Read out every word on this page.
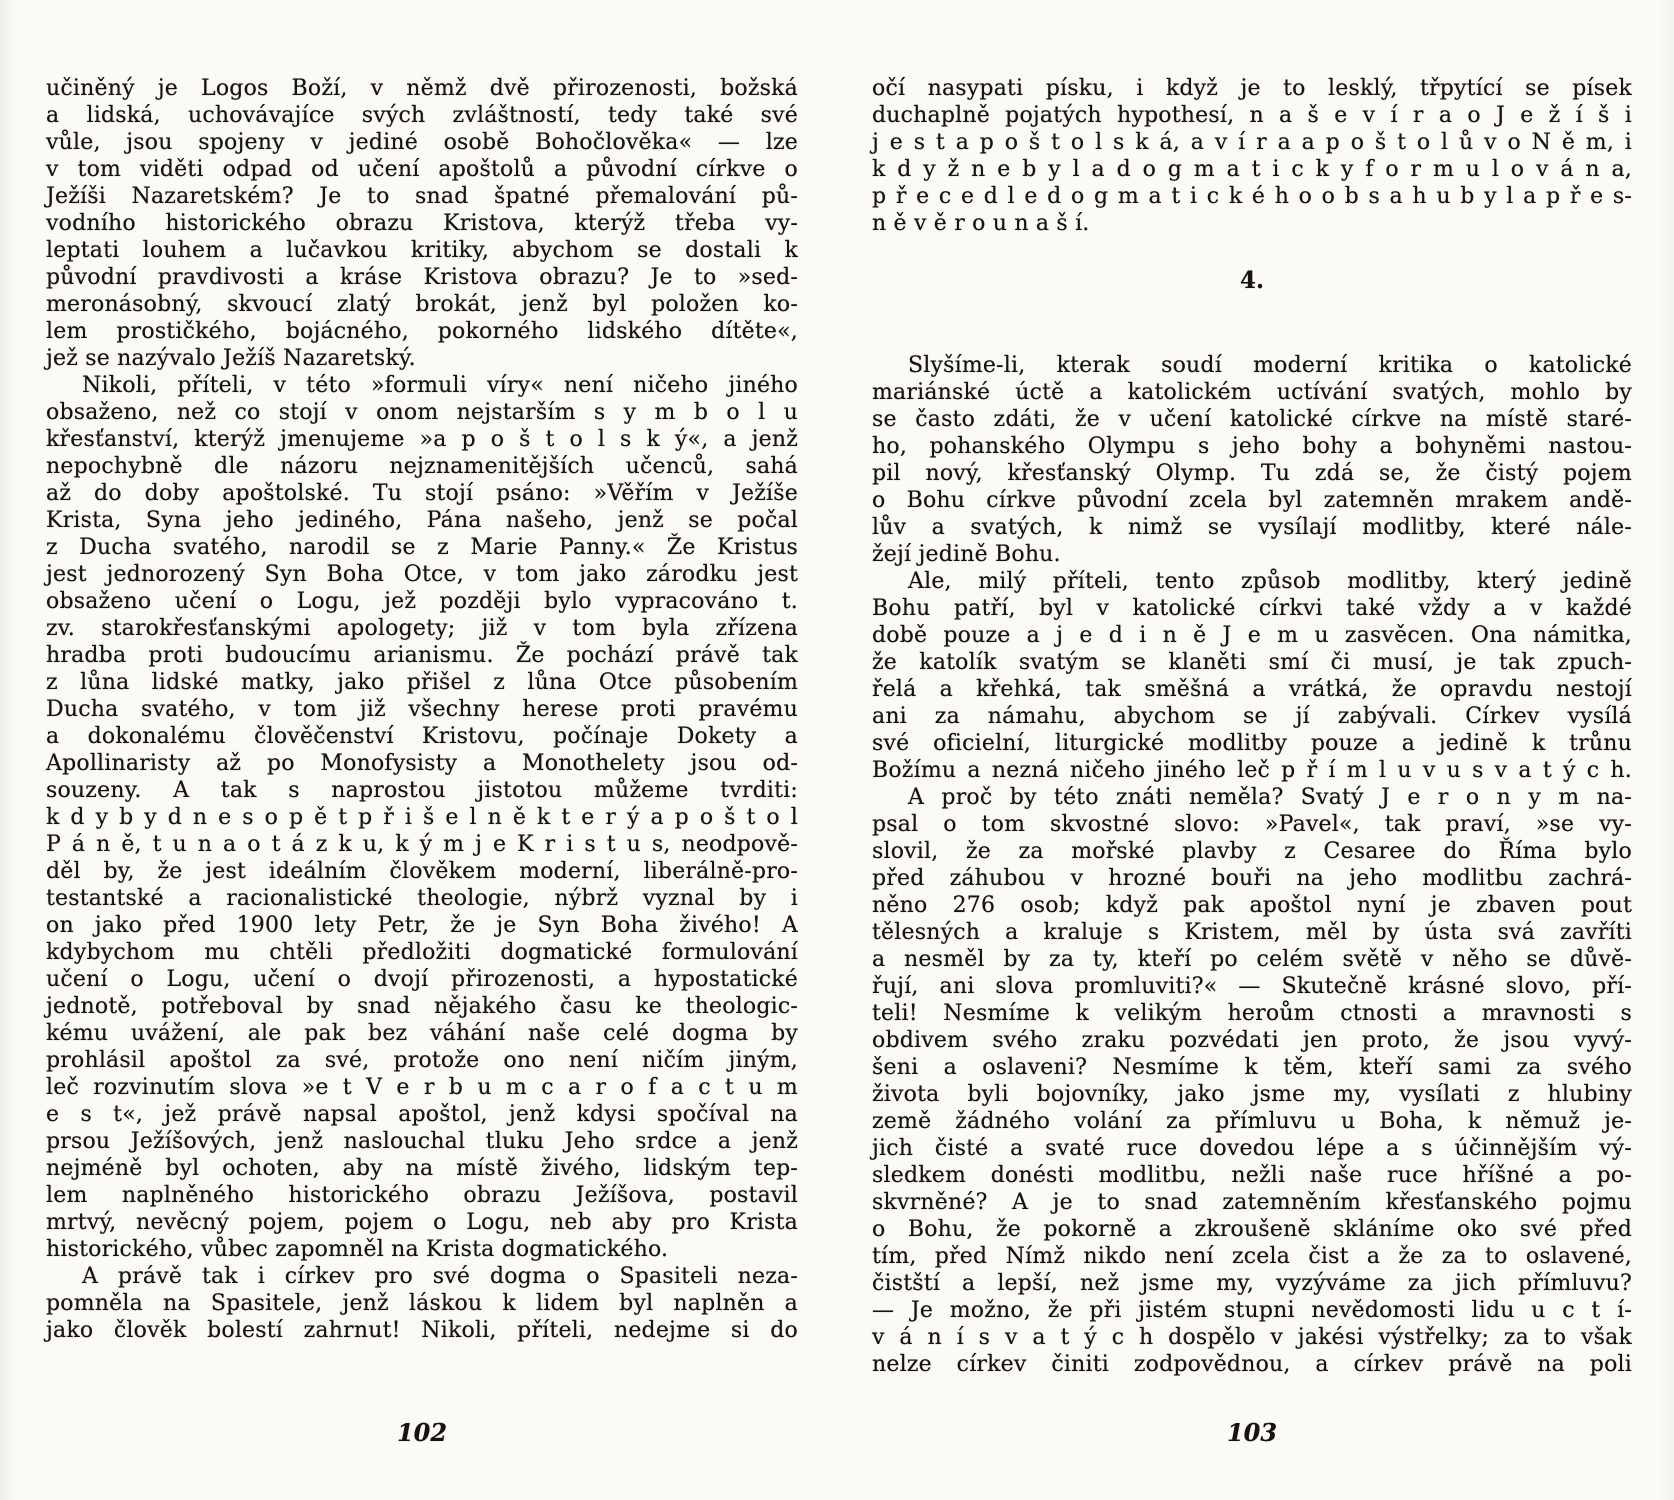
učiněný je Logos Boží, v němž dvě přirozenosti, božská
a lidská, uchovávajíce svých zvláštností, tedy také své
vůle, jsou spojeny v jediné osobě Bohočlověka« — lze
v tom viděti odpad od učení apoštolů a původní církve o
Ježíši Nazaretském? Je to snad špatné přemalování pů-
vodního historického obrazu Kristova, kterýž třeba vy-
leptati louhem a lučavkou kritiky, abychom se dostali k
původní pravdivosti a kráse Kristova obrazu? Je to »sed-
meronásobný, skvoucí zlatý brokát, jenž byl položen ko-
lem prostičkého, bojácného, pokorného lidského dítěte«,
jež se nazývalo Ježíš Nazaretský.
Nikoli, příteli, v této »formuli víry« není ničeho jiného
obsaženo, než co stojí v onom nejstarším s y m b o l u
křesťanství, kterýž jmenujeme »a p o š t o l s k ý«, a jenž
nepochybně dle názoru nejznamenitějších učenců, sahá
až do doby apoštolské. Tu stojí psáno: »Věřím v Ježíše
Krista, Syna jeho jediného, Pána našeho, jenž se počal
z Ducha svatého, narodil se z Marie Panny.« Že Kristus
jest jednorozený Syn Boha Otce, v tom jako zárodku jest
obsaženo učení o Logu, jež později bylo vypracováno t.
zv. starokřesťanskými apologety; již v tom byla zřízena
hradba proti budoucímu arianismu. Že pochází právě tak
z lůna lidské matky, jako přišel z lůna Otce působením
Ducha svatého, v tom již všechny herese proti pravému
a dokonalému člověčenství Kristovu, počínaje Dokety a
Apollinaristy až po Monofysisty a Monothelety jsou od-
souzeny. A tak s naprostou jistotou můžeme tvrditi:
k d y b y d n e s o p ě t p ř i š e l n ě k t e r ý a p o š t o l
P á n ě, t u n a o t á z k u, k ý m j e K r i s t u s, neodpově-
děl by, že jest ideálním člověkem moderní, liberálně-pro-
testantské a racionalistické theologie, nýbrž vyznal by i
on jako před 1900 lety Petr, že je Syn Boha živého! A
kdybychom mu chtěli předložiti dogmatické formulování
učení o Logu, učení o dvojí přirozenosti, a hypostatické
jednotě, potřeboval by snad nějakého času ke theologic-
kému uvážení, ale pak bez váhání naše celé dogma by
prohlásil apoštol za své, protože ono není ničím jiným,
leč rozvinutím slova »e t V e r b u m c a r o f a c t u m
e s t«, jež právě napsal apoštol, jenž kdysi spočíval na
prsou Ježíšových, jenž naslouchal tluku Jeho srdce a jenž
nejméně byl ochoten, aby na místě živého, lidským tep-
lem naplněného historického obrazu Ježíšova, postavil
mrtvý, nevěcný pojem, pojem o Logu, neb aby pro Krista
historického, vůbec zapomněl na Krista dogmatického.
A právě tak i církev pro své dogma o Spasiteli neza-
pomněla na Spasitele, jenž láskou k lidem byl naplněn a
jako člověk bolestí zahrnut! Nikoli, příteli, nedejme si do
očí nasypati písku, i když je to lesklý, třpytící se písek
duchaplně pojatých hypothesí, n a š e v í r a o J e ž í š i
j e s t a p o š t o l s k á, a v í r a a p o š t o l ů v o N ě m, i
k d y ž n e b y l a d o g m a t i c k y f o r m u l o v á n a,
p ř e c e d l e d o g m a t i c k é h o o b s a h u b y l a p ř e s-
n ě v ě r o u n a š í.
4.
Slyšíme-li, kterak soudí moderní kritika o katolické
mariánské úctě a katolickém uctívání svatých, mohlo by
se často zdáti, že v učení katolické církve na místě staré-
ho, pohanského Olympu s jeho bohy a bohyněmi nastou-
pil nový, křesťanský Olymp. Tu zdá se, že čistý pojem
o Bohu církve původní zcela byl zatemněn mrakem andě-
lův a svatých, k nimž se vysílají modlitby, které nále-
žejí jedině Bohu.
Ale, milý příteli, tento způsob modlitby, který jedině
Bohu patří, byl v katolické církvi také vždy a v každé
době pouze a j e d i n ě J e m u zasvěcen. Ona námitka,
že katolík svatým se klaněti smí či musí, je tak zpuch-
řelá a křehká, tak směšná a vrátká, že opravdu nestojí
ani za námahu, abychom se jí zabývali. Církev vysílá
své oficielní, liturgické modlitby pouze a jedině k trůnu
Božímu a nezná ničeho jiného leč p ř í m l u v u s v a t ý c h.
A proč by této znáti neměla? Svatý J e r o n y m na-
psal o tom skvostné slovo: »Pavel«, tak praví, »se vy-
slovil, že za mořské plavby z Cesaree do Říma bylo
před záhubou v hrozné bouři na jeho modlitbu zachrá-
něno 276 osob; když pak apoštol nyní je zbaven pout
tělesných a kraluje s Kristem, měl by ústa svá zavříti
a nesměl by za ty, kteří po celém světě v něho se důvě-
řují, ani slova promluviti?« — Skutečně krásné slovo, pří-
teli! Nesmíme k velikým heroům ctnosti a mravnosti s
obdivem svého zraku pozvédati jen proto, že jsou vyvý-
šeni a oslaveni? Nesmíme k těm, kteří sami za svého
života byli bojovníky, jako jsme my, vysílati z hlubiny
země žádného volání za přímluvu u Boha, k němuž je-
jich čisté a svaté ruce dovedou lépe a s účinnějším vý-
sledkem donésti modlitbu, nežli naše ruce hříšné a po-
skvrněné? A je to snad zatemněním křesťanského pojmu
o Bohu, že pokorně a zkroušeně skláníme oko své před
tím, před Nímž nikdo není zcela čist a že za to oslavené,
čistští a lepší, než jsme my, vyzýváme za jich přímluvu?
— Je možno, že při jistém stupni nevědomosti lidu u c t í-
v á n í s v a t ý c h dospělo v jakési výstřelky; za to však
nelze církev činiti zodpovědnou, a církev právě na poli
102	103
